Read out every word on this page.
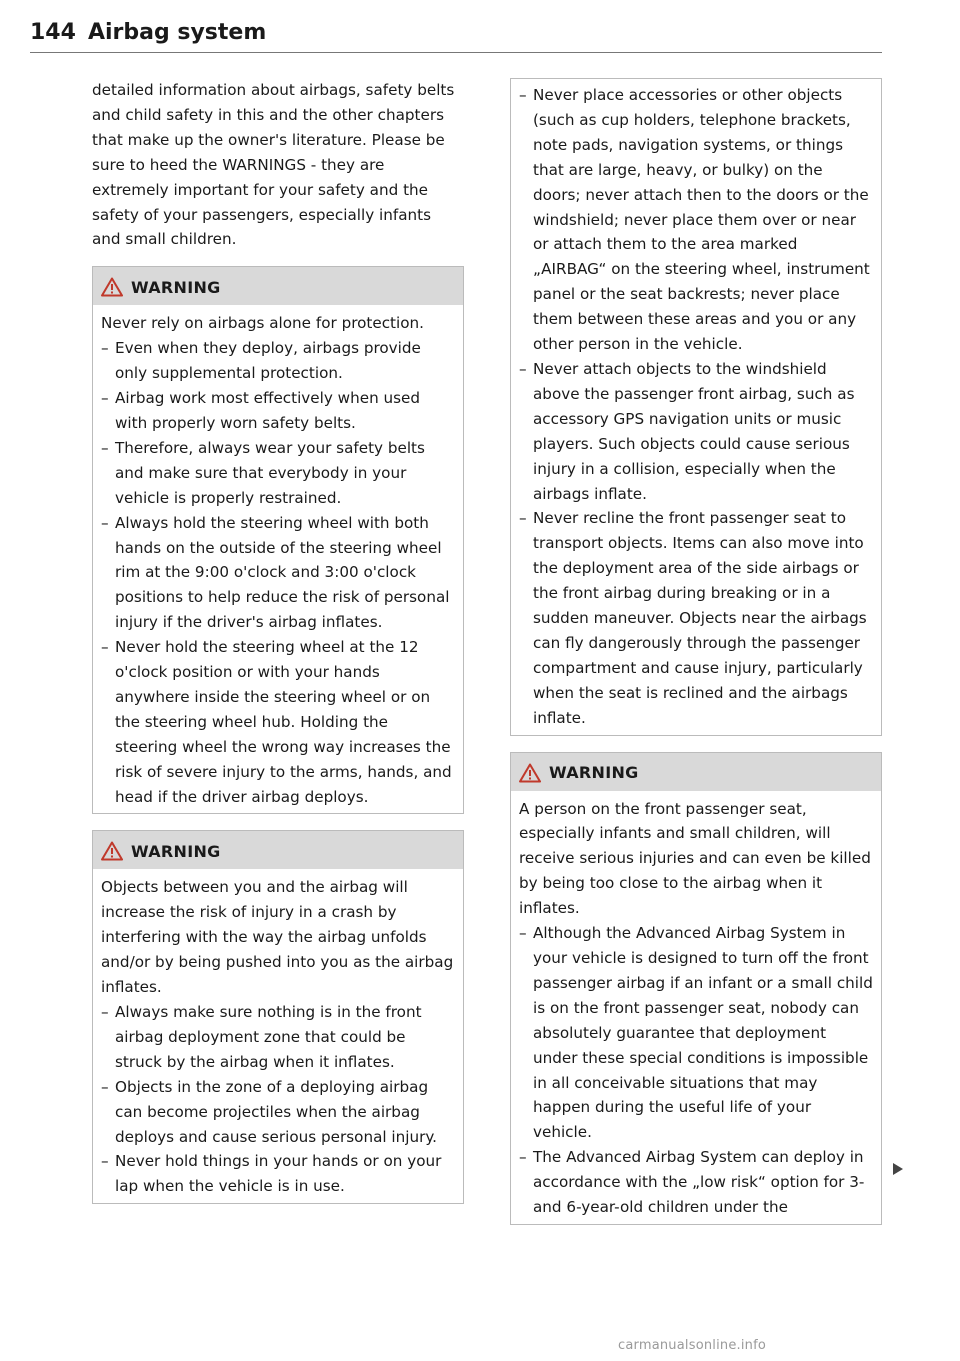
144 Airbag system

detailed information about airbags, safety belts and child safety in this and the other chapters that make up the owner's literature. Please be sure to heed the WARNINGS - they are extremely important for your safety and the safety of your passengers, especially infants and small children.

WARNING

Never rely on airbags alone for protection.

– Even when they deploy, airbags provide only supplemental protection.
– Airbag work most effectively when used with properly worn safety belts.
– Therefore, always wear your safety belts and make sure that everybody in your vehicle is properly restrained.
– Always hold the steering wheel with both hands on the outside of the steering wheel rim at the 9:00 o'clock and 3:00 o'clock positions to help reduce the risk of personal injury if the driver's airbag inflates.
– Never hold the steering wheel at the 12 o'clock position or with your hands anywhere inside the steering wheel or on the steering wheel hub. Holding the steering wheel the wrong way increases the risk of severe injury to the arms, hands, and head if the driver airbag deploys.
WARNING

Objects between you and the airbag will increase the risk of injury in a crash by interfering with the way the airbag unfolds and/or by being pushed into you as the airbag inflates.

– Always make sure nothing is in the front airbag deployment zone that could be struck by the airbag when it inflates.
– Objects in the zone of a deploying airbag can become projectiles when the airbag deploys and cause serious personal injury.
– Never hold things in your hands or on your lap when the vehicle is in use.
– Never place accessories or other objects (such as cup holders, telephone brackets, note pads, navigation systems, or things that are large, heavy, or bulky) on the doors; never attach then to the doors or the windshield; never place them over or near or attach them to the area marked „AIRBAG“ on the steering wheel, instrument panel or the seat backrests; never place them between these areas and you or any other person in the vehicle.
– Never attach objects to the windshield above the passenger front airbag, such as accessory GPS navigation units or music players. Such objects could cause serious injury in a collision, especially when the airbags inflate.
– Never recline the front passenger seat to transport objects. Items can also move into the deployment area of the side airbags or the front airbag during breaking or in a sudden maneuver. Objects near the airbags can fly dangerously through the passenger compartment and cause injury, particularly when the seat is reclined and the airbags inflate.
WARNING

A person on the front passenger seat, especially infants and small children, will receive serious injuries and can even be killed by being too close to the airbag when it inflates.

– Although the Advanced Airbag System in your vehicle is designed to turn off the front passenger airbag if an infant or a small child is on the front passenger seat, nobody can absolutely guarantee that deployment under these special conditions is impossible in all conceivable situations that may happen during the useful life of your vehicle.
– The Advanced Airbag System can deploy in accordance with the „low risk“ option for 3- and 6-year-old children under the
carmanualsonline.info
